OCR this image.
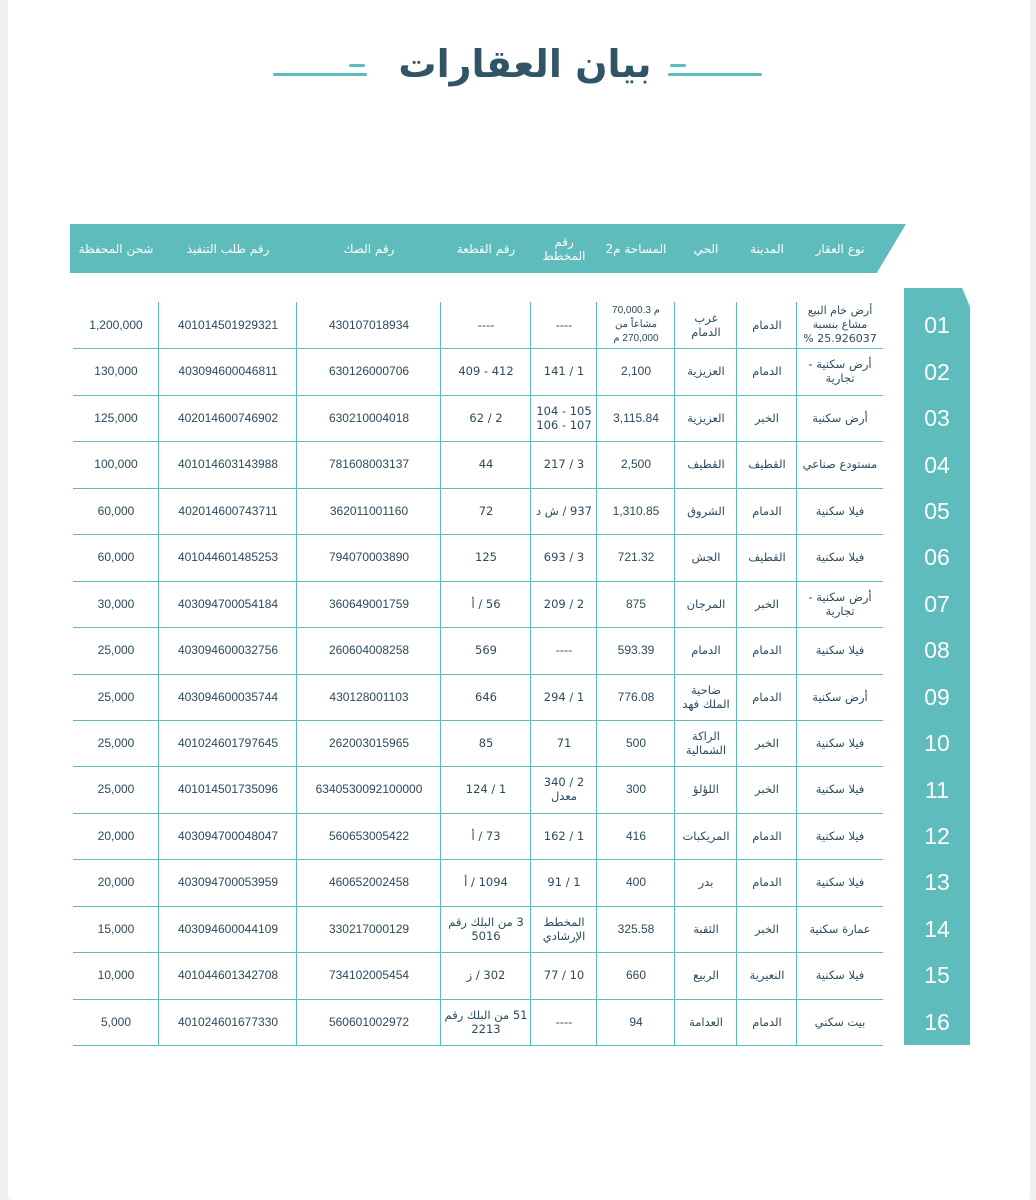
بيان العقارات
نوع العقار
المدينة
الحي
المساحة م2
رقم المخطط
رقم القطعة
رقم الصك
رقم طلب التنفيذ
شحن المحفظة
01
أرض خام البيع مشاع بنسبة 25.926037 %
الدمام
غرب الدمام
70,000.3 م مشاعاً من 270,000 م
----
----
430107018934
401014501929321
1,200,000
02
أرض سكنية - تجارية
الدمام
العزيزية
2,100
1 / 141
412 - 409
630126000706
403094600046811
130,000
03
أرض سكنية
الخبر
العزيزية
3,115.84
105 - 104 107 - 106
2 / 62
630210004018
402014600746902
125,000
04
مستودع صناعي
القطيف
القطيف
2,500
3 / 217
44
781608003137
401014603143988
100,000
05
فيلا سكنية
الدمام
الشروق
1,310.85
937 / ش د
72
362011001160
402014600743711
60,000
06
فيلا سكنية
القطيف
الجش
721.32
3 / 693
125
794070003890
401044601485253
60,000
07
أرض سكنية - تجارية
الخبر
المرجان
875
2 / 209
56 / أ
360649001759
403094700054184
30,000
08
فيلا سكنية
الدمام
الدمام
593.39
----
569
260604008258
403094600032756
25,000
09
أرض سكنية
الدمام
ضاحية الملك فهد
776.08
1 / 294
646
430128001103
403094600035744
25,000
10
فيلا سكنية
الخبر
الراكة الشمالية
500
71
85
262003015965
401024601797645
25,000
11
فيلا سكنية
الخبر
اللؤلؤ
300
2 / 340 معدل
1 / 124
6340530092100000
401014501735096
25,000
12
فيلا سكنية
الدمام
المريكبات
416
1 / 162
73 / أ
560653005422
403094700048047
20,000
13
فيلا سكنية
الدمام
بدر
400
1 / 91
1094 / أ
460652002458
403094700053959
20,000
14
عمارة سكنية
الخبر
الثقبة
325.58
المخطط الإرشادي
3 من البلك رقم 5016
330217000129
403094600044109
15,000
15
فيلا سكنية
النعيرية
الربيع
660
10 / 77
302 / ز
734102005454
401044601342708
10,000
16
بيت سكني
الدمام
العدامة
94
----
51 من البلك رقم 2213
560601002972
401024601677330
5,000
